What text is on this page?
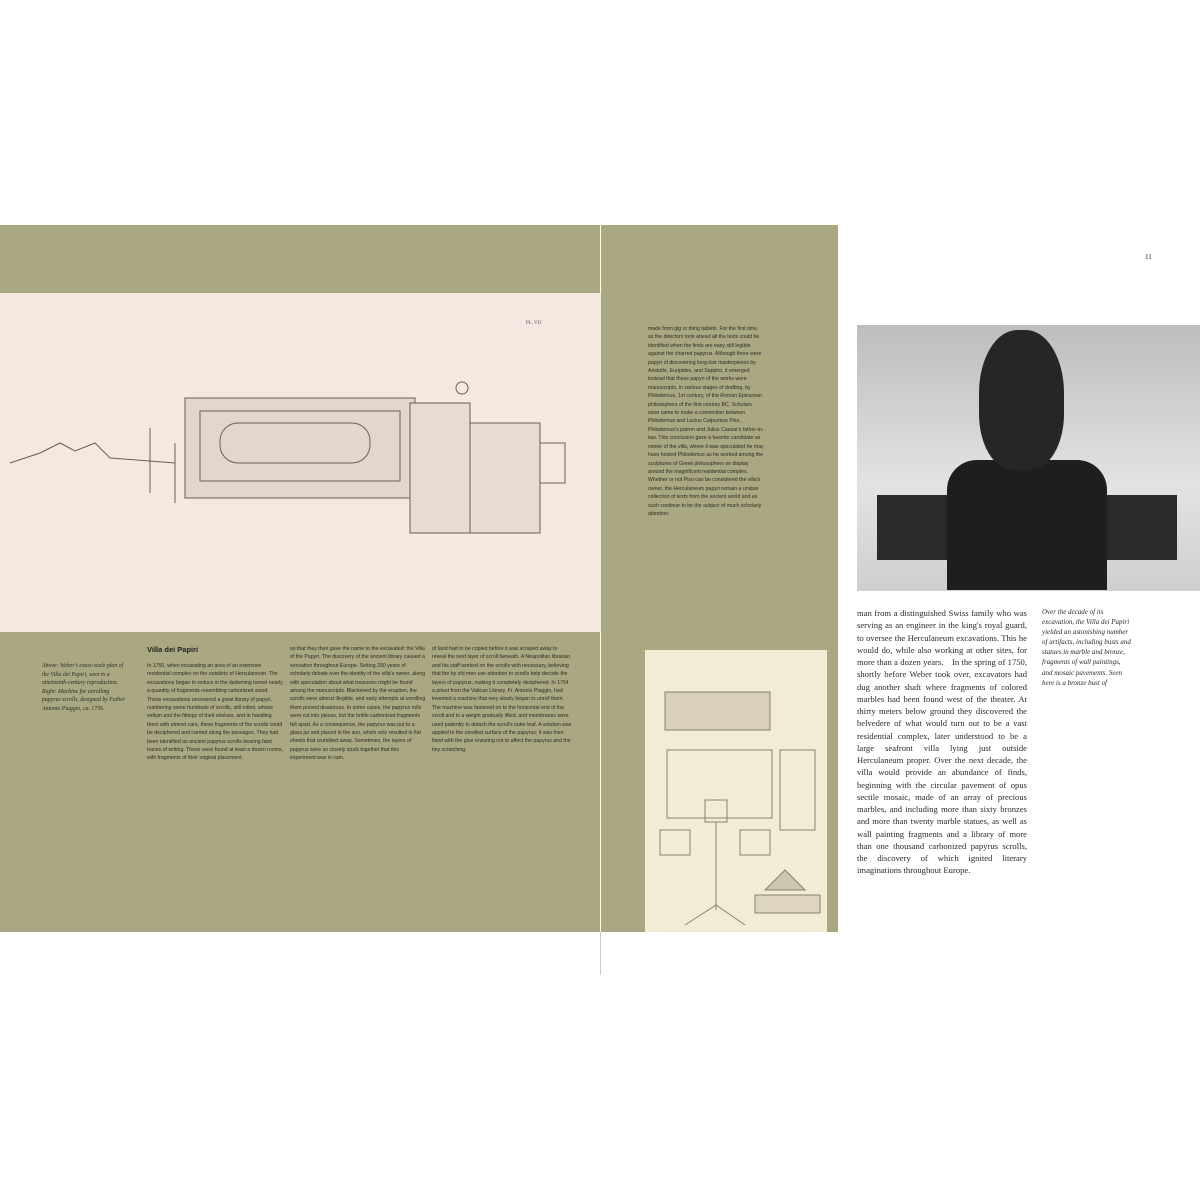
PL. VII
Villa dei Papiri
Above: Weber's exact-scale plan of the Villa dei Papiri, seen in a nineteenth-century reproduction. Right: Machine for unrolling papyrus scrolls, designed by Father Antonio Piaggio, ca. 1756.
In 1750, when excavating an area of an extensive residential complex on the outskirts of Herculaneum. The excavations began to reduce in the darkening tunnel nearly a quantity of fragments resembling carbonized wood. Those excavations uncovered a great library of papyri, numbering some hundreds of scrolls, still rolled, whose vellum and the fittings of their shelves, and in handling them with utmost care, these fragments of the scrolls could be deciphered and carried along the passages. They had been identified as ancient papyrus scrolls bearing faint traces of writing. These were found at least a dozen rooms, with fragments of their original placement.
so that they then gave the name to the excavated: the Villa of the Papyri. The discovery of the ancient library caused a sensation throughout Europe. Setting 250 years of scholarly debate over the identity of the villa's owner, along with speculation about what treasures might be found among the manuscripts. Blackened by the eruption, the scrolls were almost illegible, and early attempts at unrolling them proved disastrous. In some cases, the papyrus rolls were cut into pieces, but the brittle carbonized fragments fell apart. As a consequence, the papyrus was put to a glass jar and placed in the sun, which only resulted in flat sheets that crumbled away. Sometimes, the layers of papyrus were so closely stuck together that this experiment was in vain.
of land had to be copied before it was scraped away to reveal the next layer of scroll beneath. A Neapolitan librarian and his staff worked on the scrolls with necessary, believing that the by old men use attention to scrolls help decode the layers of papyrus, making it completely deciphered. In 1754 a priest from the Vatican Library, Fr. Antonio Piaggio, had invented a machine that very slowly began to unroll them. The machine was fastened on to the horizontal end of the scroll and to a weight gradually lifted, and membranes were used patiently to detach the scroll's outer leaf. A solution was applied to the unrolled surface of the papyrus; it was then fixed with the glue ensuring not to affect the papyrus and the tiny scratching.
made from gig or thing tablets. For the first time, as the directors took ahead all the texts could be identified when the finds are easy still legible against the charred papyrus. Although there were papyri of discovering long-lost masterpieces by Aristotle, Euripides, and Sappho, it emerged instead that these papyri of the works were manuscripts, in various stages of drafting, by Philodemus, 1st century, of the Roman Epicurean philosophers of the first century BC. Scholars soon came to make a connection between Philodemus and Lucius Calpurnius Piso, Philodemus's patron and Julius Caesar's father-in-law. This conclusion gave a favorite candidate as owner of the villa, where it was speculated he may have hosted Philodemus as he worked among the sculptures of Greek philosophers on display around the magnificent residential complex. Whether or not Piso can be considered the villa's owner, the Herculaneum papyri remain a unique collection of texts from the ancient world and as such continue to be the subject of much scholarly attention.
11
man from a distinguished Swiss family who was serving as an engineer in the king's royal guard, to oversee the Herculaneum excavations. This he would do, while also working at other sites, for more than a dozen years. In the spring of 1750, shortly before Weber took over, excavators had dug another shaft where fragments of colored marbles had been found west of the theater. At thirty meters below ground they discovered the belvedere of what would turn out to be a vast residential complex, later understood to be a large seafront villa lying just outside Herculaneum proper. Over the next decade, the villa would provide an abundance of finds, beginning with the circular pavement of opus sectile mosaic, made of an array of precious marbles, and including more than sixty bronzes and more than twenty marble statues, as well as wall painting fragments and a library of more than one thousand carbonized papyrus scrolls, the discovery of which ignited literary imaginations throughout Europe.
Over the decade of its excavation, the Villa dei Papiri yielded an astonishing number of artifacts, including busts and statues in marble and bronze, fragments of wall paintings, and mosaic pavements. Seen here is a bronze bust of
